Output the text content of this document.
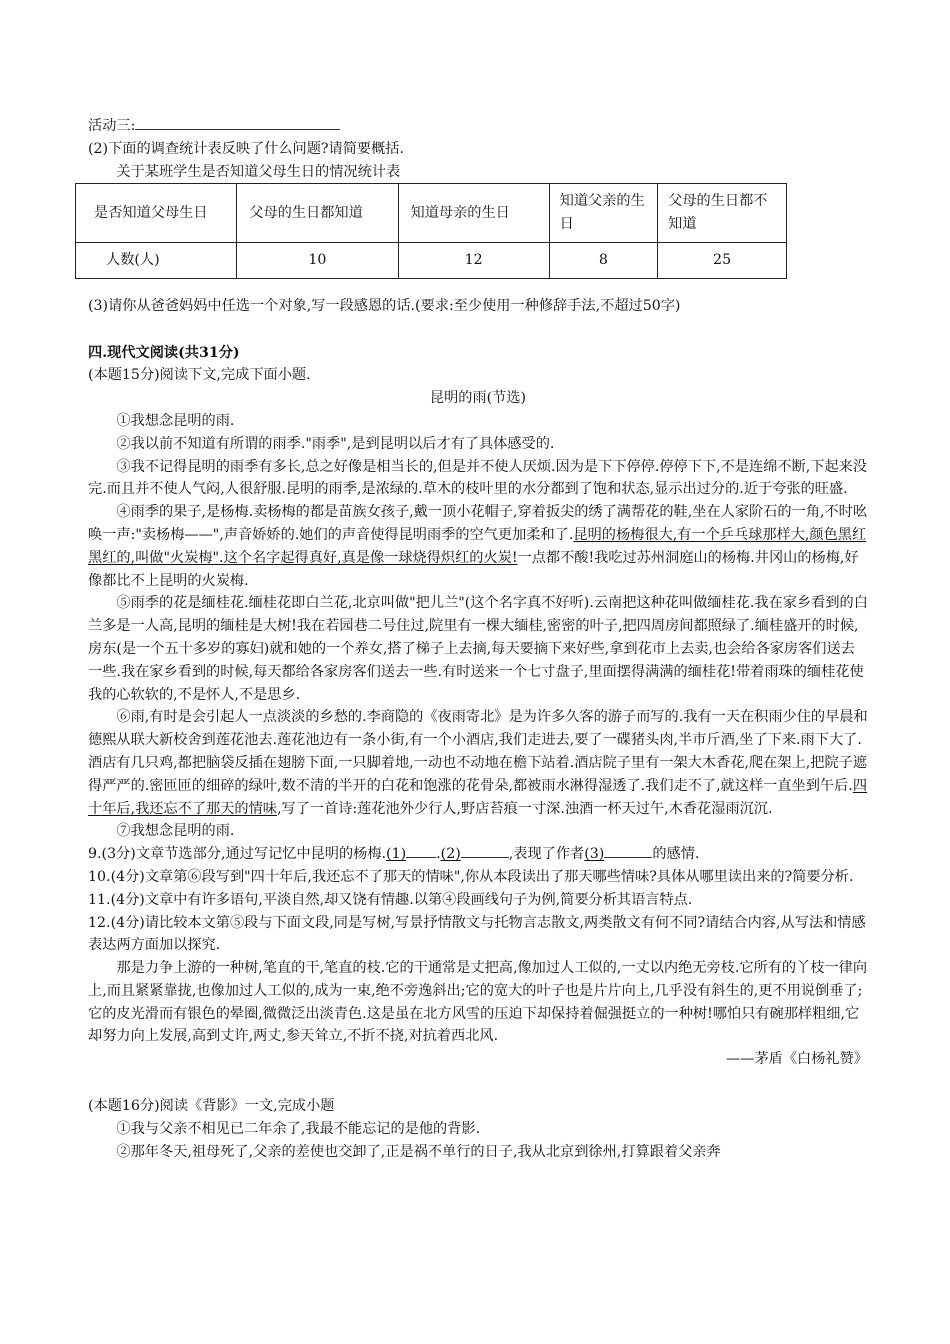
活动三:

(2)下面的调查统计表反映了什么问题?请简要概括.

关于某班学生是否知道父母生日的情况统计表

是否知道父母生日	父母的生日都知道	知道母亲的生日	知道父亲的生日	父母的生日都不知道
人数(人)	10	12	8	25

(3)请你从爸爸妈妈中任选一个对象,写一段感恩的话.(要求:至少使用一种修辞手法,不超过50字)

四.现代文阅读(共31分)

(本题15分)阅读下文,完成下面小题.

昆明的雨(节选)

①我想念昆明的雨.

②我以前不知道有所谓的雨季."雨季",是到昆明以后才有了具体感受的.

③我不记得昆明的雨季有多长,总之好像是相当长的,但是并不使人厌烦.因为是下下停停.停停下下,不是连绵不断,下起来没完.而且并不使人气闷,人很舒服.昆明的雨季,是浓绿的.草木的枝叶里的水分都到了饱和状态,显示出过分的.近于夸张的旺盛.

④雨季的果子,是杨梅.卖杨梅的都是苗族女孩子,戴一顶小花帽子,穿着扳尖的绣了满帮花的鞋,坐在人家阶石的一角,不时吆唤一声:"卖杨梅——",声音娇娇的.她们的声音使得昆明雨季的空气更加柔和了.昆明的杨梅很大,有一个乒乓球那样大,颜色黑红黑红的,叫做"火炭梅".这个名字起得真好,真是像一球烧得炽红的火炭!一点都不酸!我吃过苏州洞庭山的杨梅.井冈山的杨梅,好像都比不上昆明的火炭梅.

⑤雨季的花是缅桂花.缅桂花即白兰花,北京叫做"把儿兰"(这个名字真不好听).云南把这种花叫做缅桂花.我在家乡看到的白兰多是一人高,昆明的缅桂是大树!我在若园巷二号住过,院里有一棵大缅桂,密密的叶子,把四周房间都照绿了.缅桂盛开的时候,房东(是一个五十多岁的寡妇)就和她的一个养女,搭了梯子上去摘,每天要摘下来好些,拿到花市上去卖,也会给各家房客们送去一些.我在家乡看到的时候,每天都给各家房客们送去一些.有时送来一个七寸盘子,里面摆得满满的缅桂花!带着雨珠的缅桂花使我的心软软的,不是怀人,不是思乡.

⑥雨,有时是会引起人一点淡淡的乡愁的.李商隐的《夜雨寄北》是为许多久客的游子而写的.我有一天在积雨少住的早晨和德熙从联大新校舍到莲花池去.莲花池边有一条小街,有一个小酒店,我们走进去,要了一碟猪头肉,半市斤酒,坐了下来.雨下大了.酒店有几只鸡,都把脑袋反插在翅膀下面,一只脚着地,一动也不动地在檐下站着.酒店院子里有一架大木香花,爬在架上,把院子遮得严严的.密匝匝的细碎的绿叶,数不清的半开的白花和饱涨的花骨朵,都被雨水淋得湿透了.我们走不了,就这样一直坐到午后.四十年后,我还忘不了那天的情味,写了一首诗:莲花池外少行人,野店苔痕一寸深.浊酒一杯天过午,木香花湿雨沉沉.

⑦我想念昆明的雨.

9.(3分)文章节选部分,通过写记忆中昆明的杨梅.(1) .(2)	,表现了作者(3)	的感情.

10.(4分)文章第⑥段写到"四十年后,我还忘不了那天的情味",你从本段读出了那天哪些情味?具体从哪里读出来的?简要分析.

11.(4分)文章中有许多语句,平淡自然,却又饶有情趣.以第④段画线句子为例,简要分析其语言特点.

12.(4分)请比较本文第⑤段与下面文段,同是写树,写景抒情散文与托物言志散文,两类散文有何不同?请结合内容,从写法和情感表达两方面加以探究.

那是力争上游的一种树,笔直的干,笔直的枝.它的干通常是丈把高,像加过人工似的,一丈以内绝无旁枝.它所有的丫枝一律向上,而且紧紧靠拢,也像加过人工似的,成为一束,绝不旁逸斜出;它的宽大的叶子也是片片向上,几乎没有斜生的,更不用说倒垂了;它的皮光滑而有银色的晕圈,微微泛出淡青色.这是虽在北方风雪的压迫下却保持着倔强挺立的一种树!哪怕只有碗那样粗细,它却努力向上发展,高到丈许,两丈,参天耸立,不折不挠,对抗着西北风.

——茅盾《白杨礼赞》

(本题16分)阅读《背影》一文,完成小题

①我与父亲不相见已二年余了,我最不能忘记的是他的背影.

②那年冬天,祖母死了,父亲的差使也交卸了,正是祸不单行的日子,我从北京到徐州,打算跟着父亲奔
